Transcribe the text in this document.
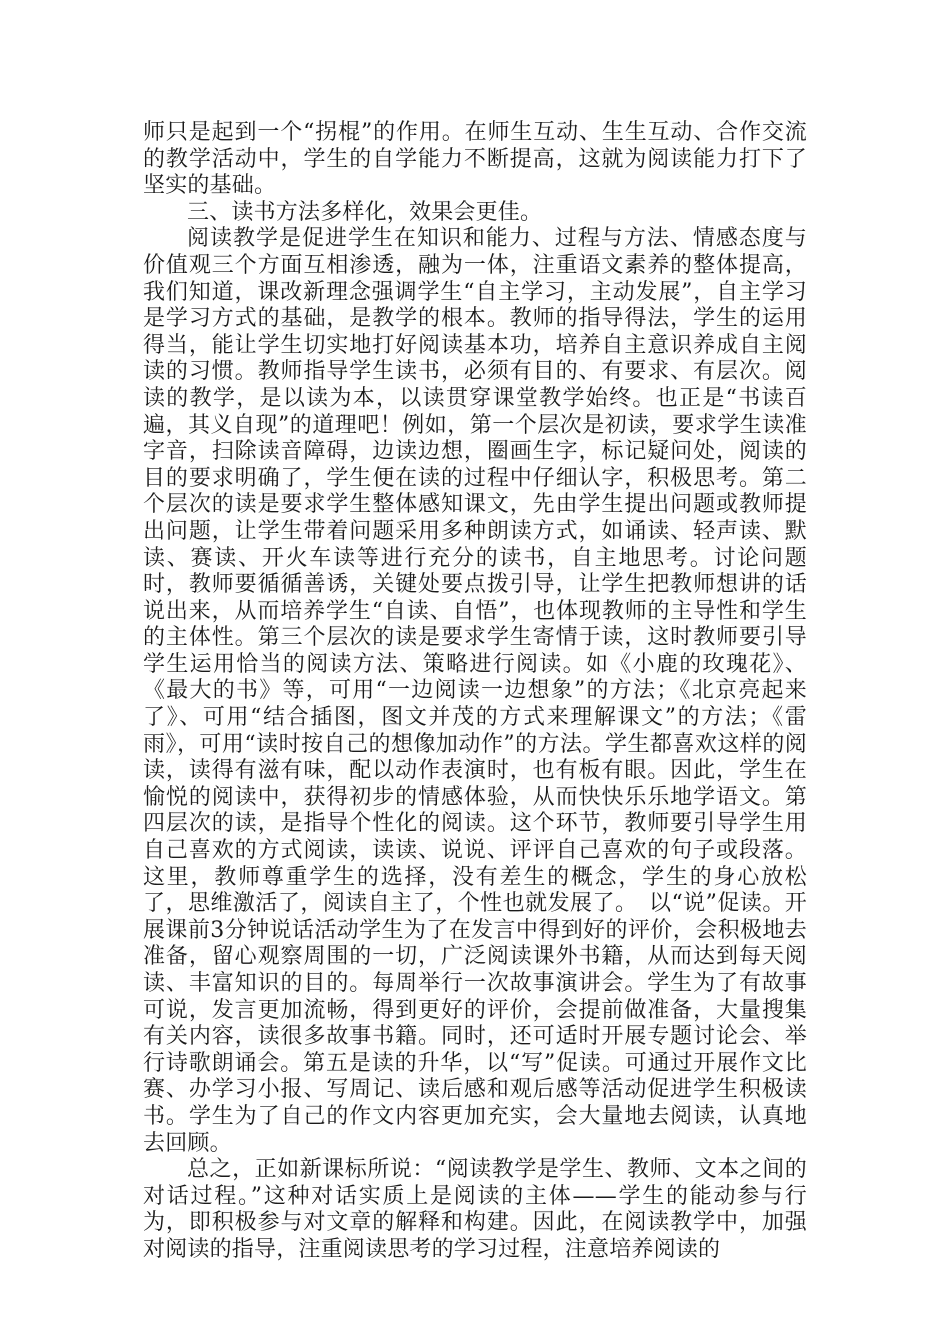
师只是起到一个“拐棍”的作用。在师生互动、生生互动、合作交流的教学活动中，学生的自学能力不断提高，这就为阅读能力打下了坚实的基础。

三、读书方法多样化，效果会更佳。

阅读教学是促进学生在知识和能力、过程与方法、情感态度与价值观三个方面互相渗透，融为一体，注重语文素养的整体提高，我们知道，课改新理念强调学生“自主学习，主动发展”，自主学习是学习方式的基础，是教学的根本。教师的指导得法，学生的运用得当，能让学生切实地打好阅读基本功，培养自主意识养成自主阅读的习惯。教师指导学生读书，必须有目的、有要求、有层次。阅读的教学，是以读为本，以读贯穿课堂教学始终。也正是“书读百遍，其义自现”的道理吧！例如，第一个层次是初读，要求学生读准字音，扫除读音障碍，边读边想，圈画生字，标记疑问处，阅读的目的要求明确了，学生便在读的过程中仔细认字，积极思考。第二个层次的读是要求学生整体感知课文，先由学生提出问题或教师提出问题，让学生带着问题采用多种朗读方式，如诵读、轻声读、默读、赛读、开火车读等进行充分的读书，自主地思考。讨论问题时，教师要循循善诱，关键处要点拨引导，让学生把教师想讲的话说出来，从而培养学生“自读、自悟”，也体现教师的主导性和学生的主体性。第三个层次的读是要求学生寄情于读，这时教师要引导学生运用恰当的阅读方法、策略进行阅读。如《小鹿的玫瑰花》、《最大的书》等，可用“一边阅读一边想象”的方法；《北京亮起来了》、可用“结合插图，图文并茂的方式来理解课文”的方法；《雷雨》，可用“读时按自己的想像加动作”的方法。学生都喜欢这样的阅读，读得有滋有味，配以动作表演时，也有板有眼。因此，学生在愉悦的阅读中，获得初步的情感体验，从而快快乐乐地学语文。第四层次的读，是指导个性化的阅读。这个环节，教师要引导学生用自己喜欢的方式阅读，读读、说说、评评自己喜欢的句子或段落。这里，教师尊重学生的选择，没有差生的概念，学生的身心放松了，思维激活了，阅读自主了，个性也就发展了。　以“说”促读。开展课前3分钟说话活动学生为了在发言中得到好的评价，会积极地去准备，留心观察周围的一切，广泛阅读课外书籍，从而达到每天阅读、丰富知识的目的。每周举行一次故事演讲会。学生为了有故事可说，发言更加流畅，得到更好的评价，会提前做准备，大量搜集有关内容，读很多故事书籍。同时，还可适时开展专题讨论会、举行诗歌朗诵会。第五是读的升华，以“写”促读。可通过开展作文比赛、办学习小报、写周记、读后感和观后感等活动促进学生积极读书。学生为了自己的作文内容更加充实，会大量地去阅读，认真地去回顾。

总之，正如新课标所说：“阅读教学是学生、教师、文本之间的对话过程。”这种对话实质上是阅读的主体——学生的能动参与行为，即积极参与对文章的解释和构建。因此，在阅读教学中，加强对阅读的指导，注重阅读思考的学习过程，注意培养阅读的
